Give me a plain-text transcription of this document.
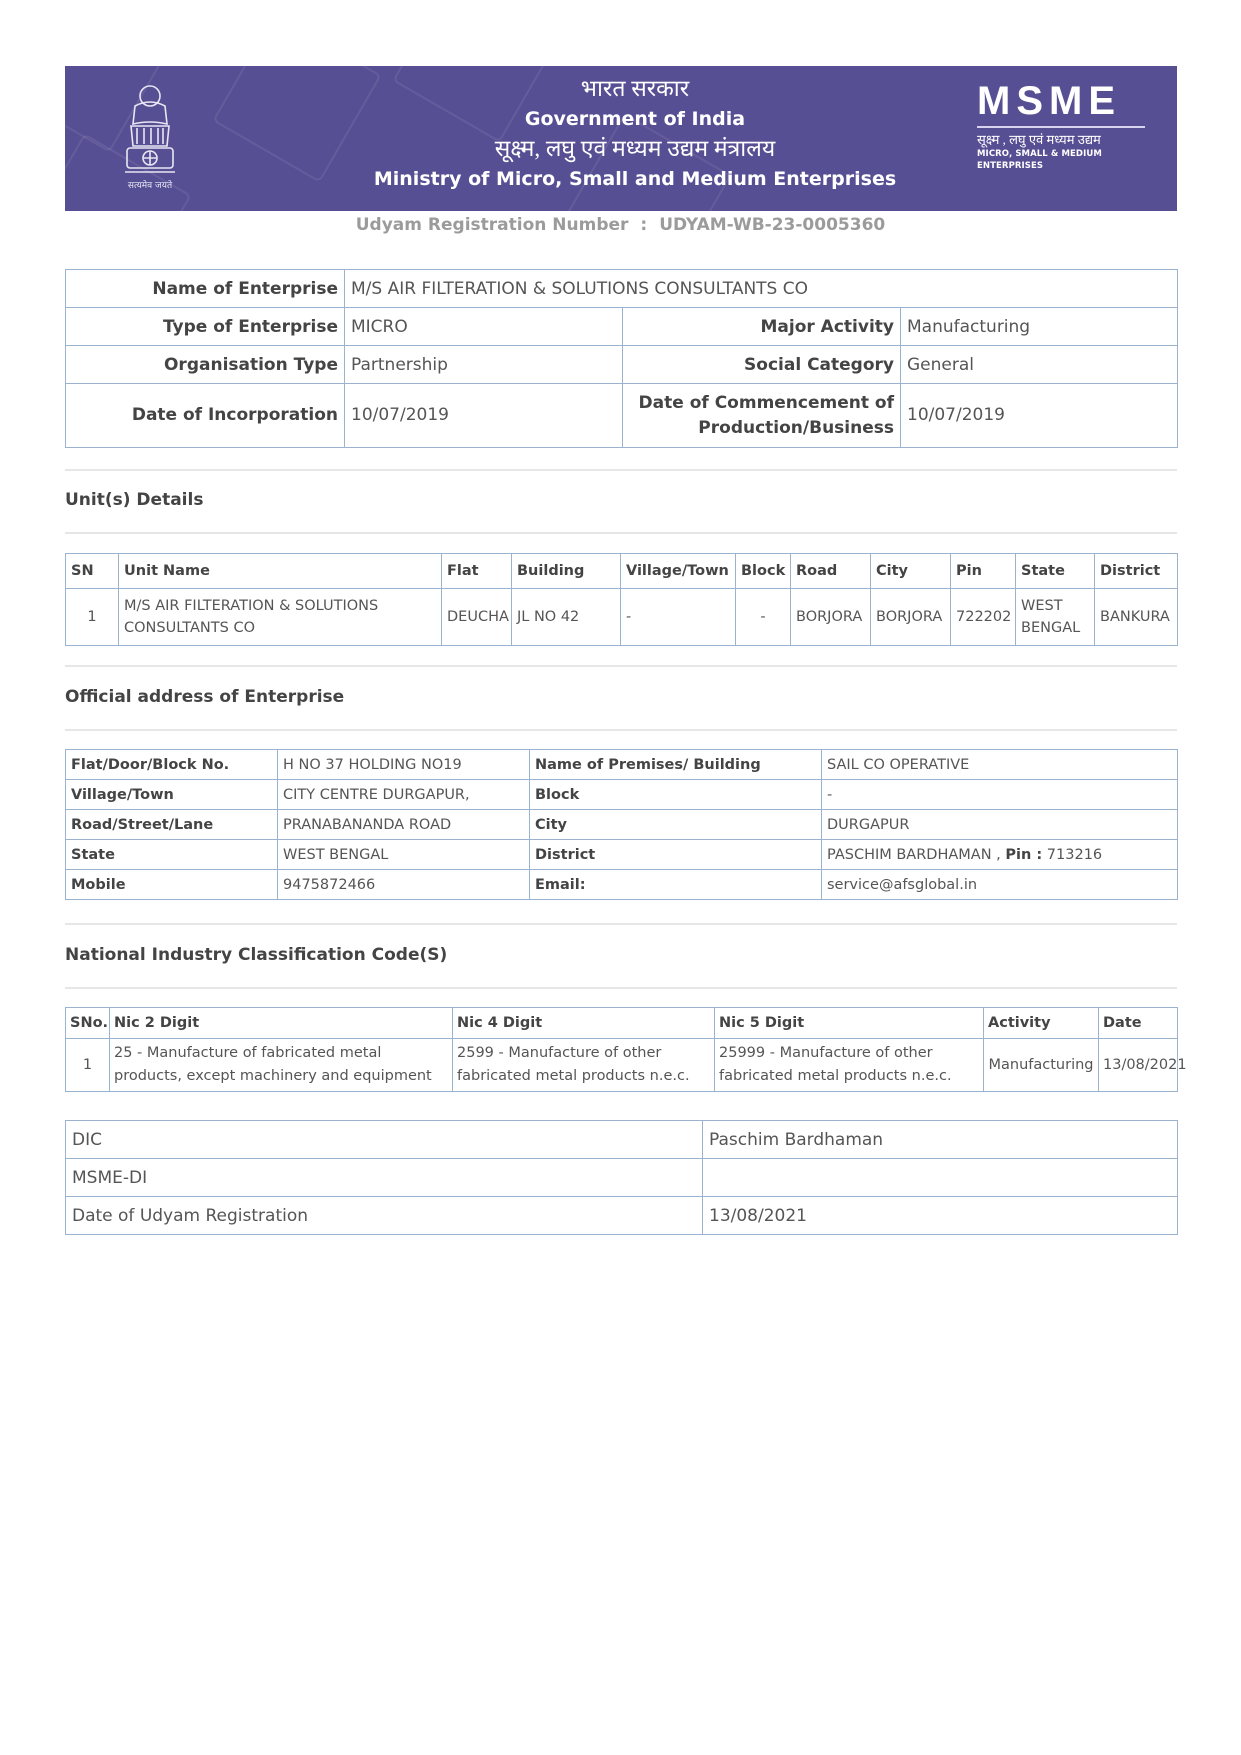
सत्यमेव जयते
भारत सरकार
Government of India
सूक्ष्म, लघु एवं मध्यम उद्यम मंत्रालय
Ministry of Micro, Small and Medium Enterprises
MSME
सूक्ष्म , लघु एवं मध्यम उद्यम
MICRO, SMALL & MEDIUM ENTERPRISES
Udyam Registration Number : UDYAM-WB-23-0005360
Name of Enterprise	M/S AIR FILTERATION & SOLUTIONS CONSULTANTS CO		
Type of Enterprise	MICRO	Major Activity	Manufacturing
Organisation Type	Partnership	Social Category	General
Date of Incorporation	10/07/2019	Date of Commencement of Production/Business	10/07/2019
Unit(s) Details
SN	Unit Name	Flat	Building	Village/Town	Block	Road	City	Pin	State	District
1	M/S AIR FILTERATION & SOLUTIONS CONSULTANTS CO	DEUCHA	JL NO 42	-	-	BORJORA	BORJORA	722202	WEST BENGAL	BANKURA
Official address of Enterprise
Flat/Door/Block No.	H NO 37 HOLDING NO19	Name of Premises/ Building	SAIL CO OPERATIVE
Village/Town	CITY CENTRE DURGAPUR,	Block	-
Road/Street/Lane	PRANABANANDA ROAD	City	DURGAPUR
State	WEST BENGAL	District	PASCHIM BARDHAMAN , Pin : 713216
Mobile	9475872466	Email:	service@afsglobal.in
National Industry Classification Code(S)
SNo.	Nic 2 Digit	Nic 4 Digit	Nic 5 Digit	Activity	Date
1	25 - Manufacture of fabricated metal products, except machinery and equipment	2599 - Manufacture of other fabricated metal products n.e.c.	25999 - Manufacture of other fabricated metal products n.e.c.	Manufacturing	13/08/2021
DIC	Paschim Bardhaman
MSME-DI	
Date of Udyam Registration	13/08/2021
